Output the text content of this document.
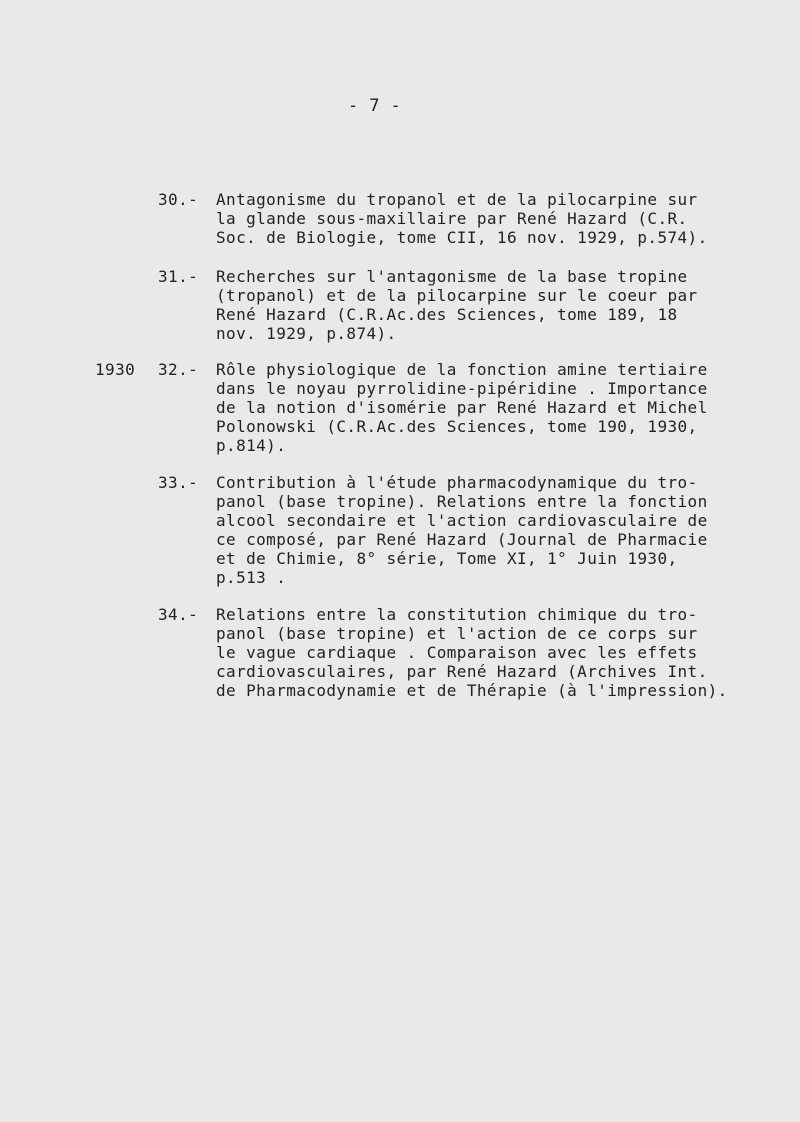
- 7 -
30.- Antagonisme du tropanol et de la pilocarpine sur
la glande sous-maxillaire par René Hazard (C.R.
Soc. de Biologie, tome CII, 16 nov. 1929, p.574).
31.- Recherches sur l'antagonisme de la base tropine
(tropanol) et de la pilocarpine sur le coeur par
René Hazard (C.R.Ac.des Sciences, tome 189, 18
nov. 1929, p.874).
1930 32.- Rôle physiologique de la fonction amine tertiaire
dans le noyau pyrrolidine-pipéridine . Importance
de la notion d'isomérie par René Hazard et Michel
Polonowski (C.R.Ac.des Sciences, tome 190, 1930,
p.814).
33.- Contribution à l'étude pharmacodynamique du tro-
panol (base tropine). Relations entre la fonction
alcool secondaire et l'action cardiovasculaire de
ce composé, par René Hazard (Journal de Pharmacie
et de Chimie, 8° série, Tome XI, 1° Juin 1930,
p.513 .
34.- Relations entre la constitution chimique du tro-
panol (base tropine) et l'action de ce corps sur
le vague cardiaque . Comparaison avec les effets
cardiovasculaires, par René Hazard (Archives Int.
de Pharmacodynamie et de Thérapie (à l'impression).
